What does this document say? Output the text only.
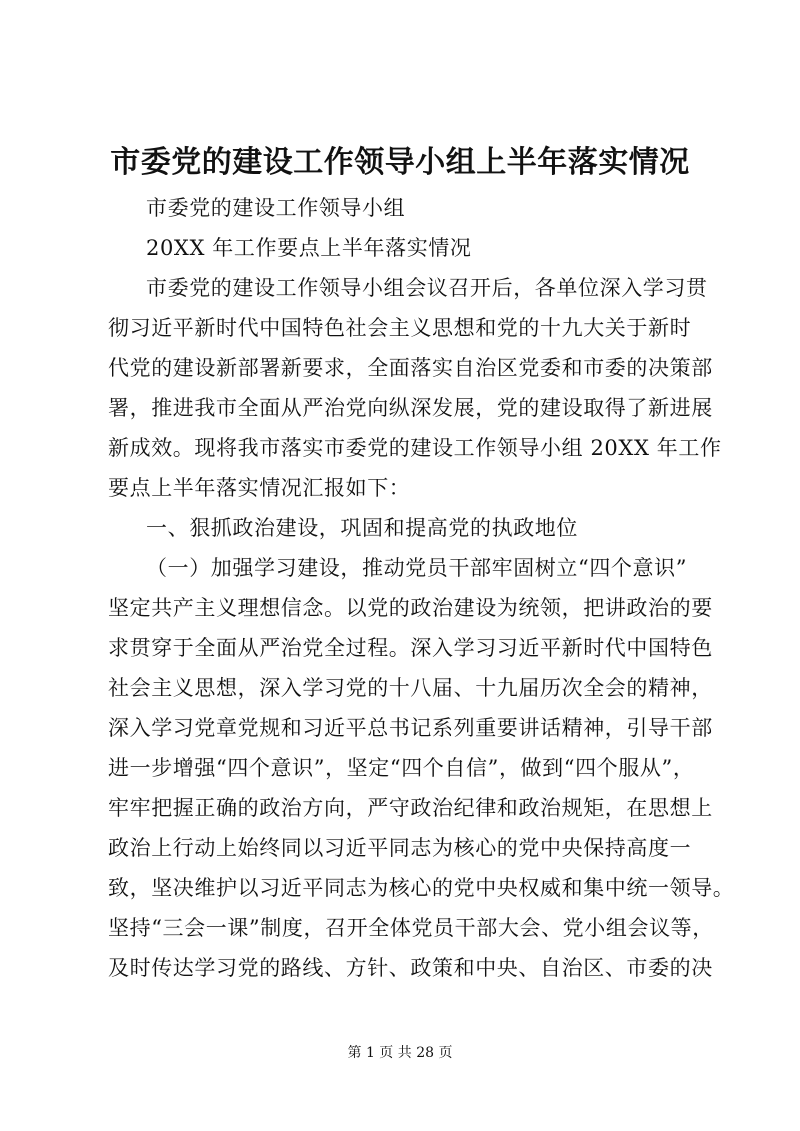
市委党的建设工作领导小组上半年落实情况
市委党的建设工作领导小组
20XX 年工作要点上半年落实情况
市委党的建设工作领导小组会议召开后，各单位深入学习贯
彻习近平新时代中国特色社会主义思想和党的十九大关于新时
代党的建设新部署新要求，全面落实自治区党委和市委的决策部
署，推进我市全面从严治党向纵深发展，党的建设取得了新进展
新成效。现将我市落实市委党的建设工作领导小组 20XX 年工作
要点上半年落实情况汇报如下：
一、狠抓政治建设，巩固和提高党的执政地位
（一）加强学习建设，推动党员干部牢固树立“四个意识”
坚定共产主义理想信念。以党的政治建设为统领，把讲政治的要
求贯穿于全面从严治党全过程。深入学习习近平新时代中国特色
社会主义思想，深入学习党的十八届、十九届历次全会的精神，
深入学习党章党规和习近平总书记系列重要讲话精神，引导干部
进一步增强“四个意识”，坚定“四个自信”，做到“四个服从”，
牢牢把握正确的政治方向，严守政治纪律和政治规矩，在思想上
政治上行动上始终同以习近平同志为核心的党中央保持高度一
致，坚决维护以习近平同志为核心的党中央权威和集中统一领导。
坚持“三会一课”制度，召开全体党员干部大会、党小组会议等，
及时传达学习党的路线、方针、政策和中央、自治区、市委的决
第 1 页 共 28 页
